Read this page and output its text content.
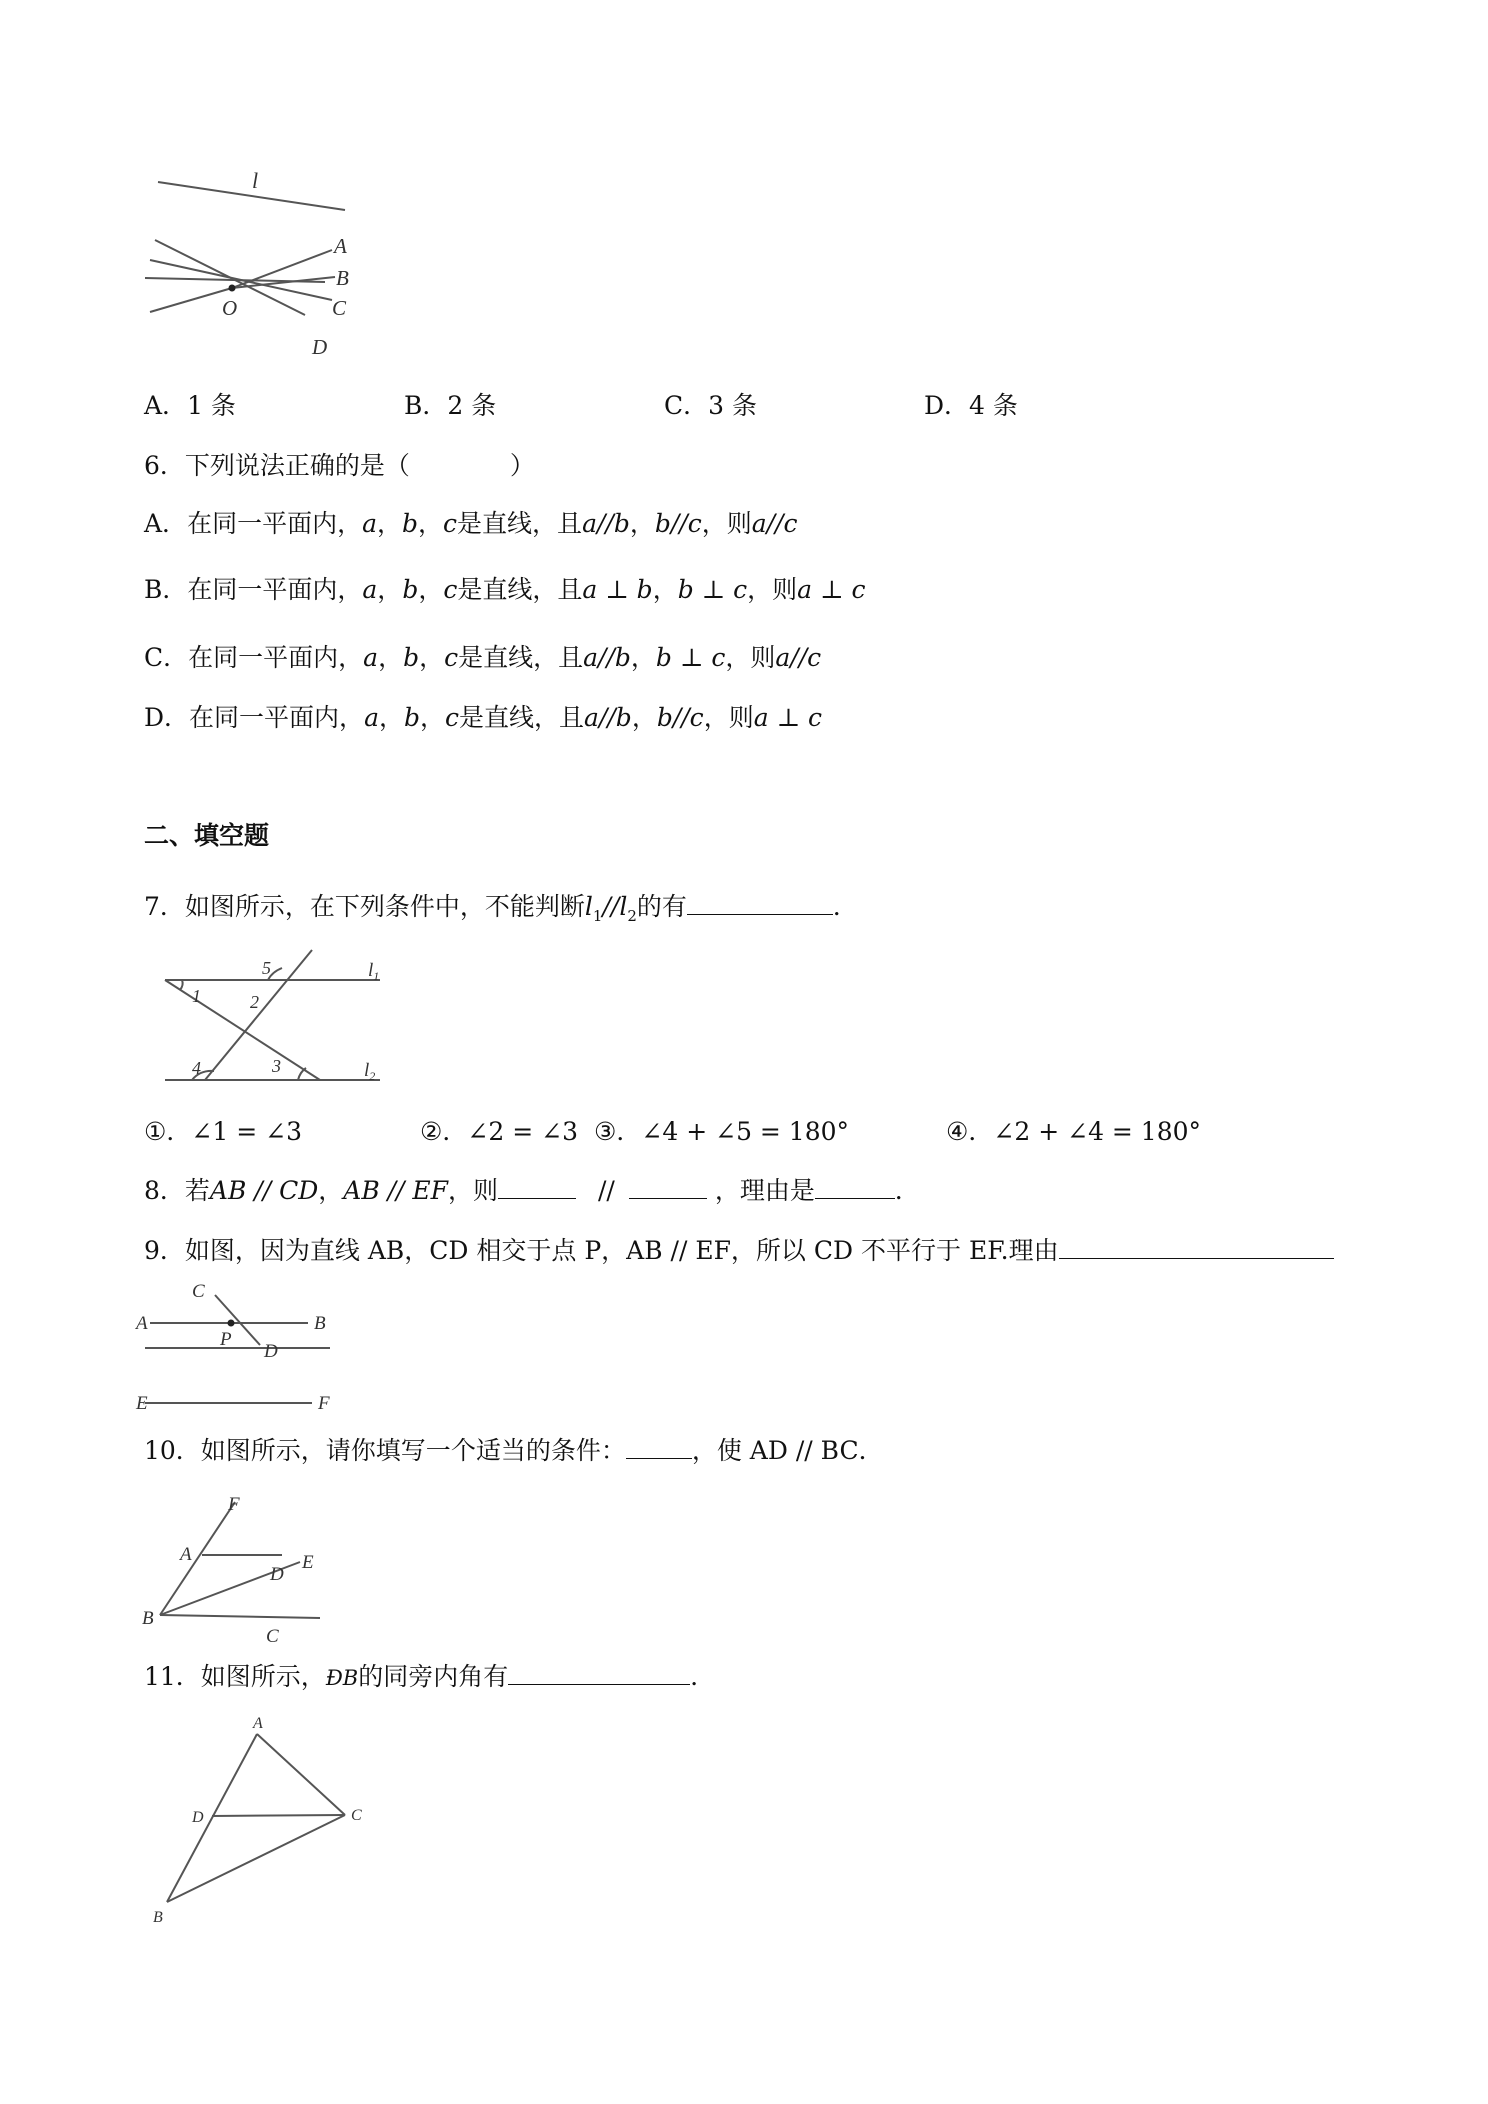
l
A
B
C
D
O
A．1 条	B．2 条	C．3 条	D．4 条
6．下列说法正确的是（　　　　）
A．在同一平面内，a，b，c是直线，且a//b，b//c，则a//c
B．在同一平面内，a，b，c是直线，且a ⊥ b，b ⊥ c，则a ⊥ c
C．在同一平面内，a，b，c是直线，且a//b，b ⊥ c，则a//c
D．在同一平面内，a，b，c是直线，且a//b，b//c，则a ⊥ c
二、填空题
7．如图所示，在下列条件中，不能判断$l_1//l_2$的有	．
1	2
3
4
5	$l_1$
$l_2$
①．∠1 = ∠3	②．∠2 = ∠3 ③．∠4 + ∠5 = 180°	④．∠2 + ∠4 = 180°
8．若AB // CD，AB // EF，则	//	，理由是	．
9．如图，因为直线 AB，CD 相交于点 P，AB // EF，所以 CD 不平行于 EF.理由
A	B
C
D
P
E	F
10．如图所示，请你填写一个适当的条件：	，使 AD // BC．
F
A
D
E
B
C
11．如图所示，ÐB的同旁内角有	．
A
D	C
B
